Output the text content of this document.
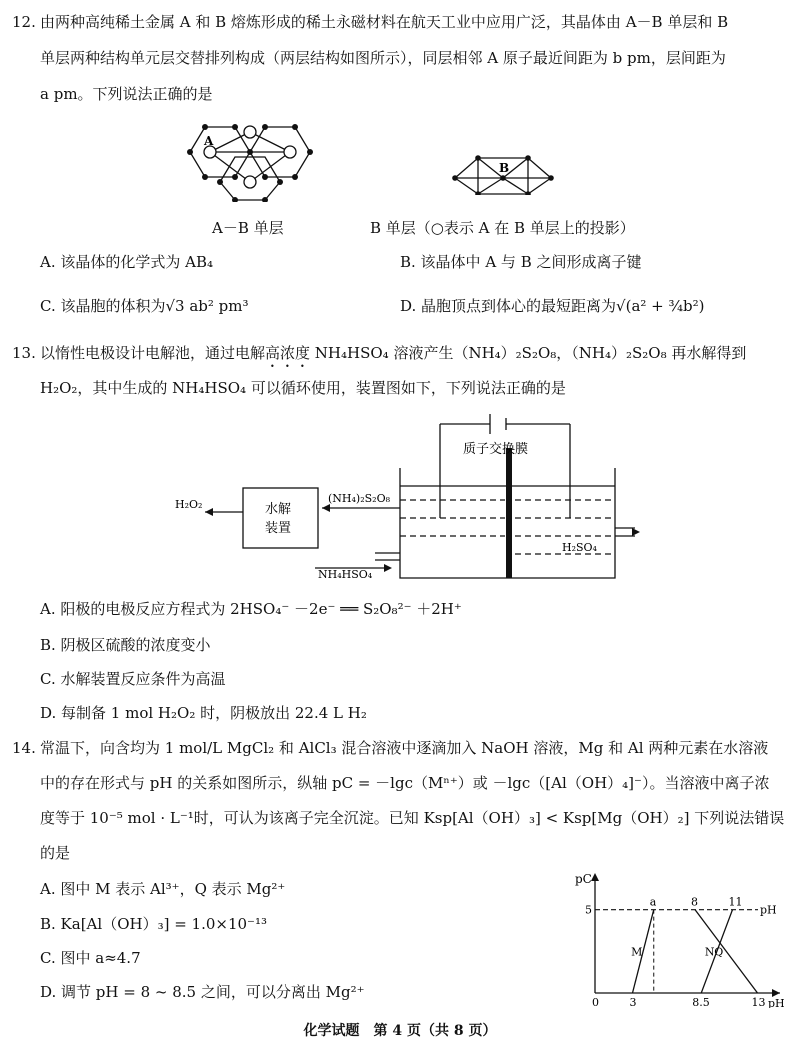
12. 由两种高纯稀土金属 A 和 B 熔炼形成的稀土永磁材料在航天工业中应用广泛，其晶体由 A－B 单层和 B
单层两种结构单元层交替排列构成（两层结构如图所示），同层相邻 A 原子最近间距为 b pm，层间距为
a pm。下列说法正确的是
A
B
A－B 单层	B 单层（○表示 A 在 B 单层上的投影）
A. 该晶体的化学式为 AB₄	B. 该晶体中 A 与 B 之间形成离子键
C. 该晶胞的体积为√3 ab² pm³	D. 晶胞顶点到体心的最短距离为√(a² + ¾b²)
13. 以惰性电极设计电解池，通过电解高浓度 NH₄HSO₄ 溶液产生（NH₄）₂S₂O₈，（NH₄）₂S₂O₈ 再水解得到
H₂O₂，其中生成的 NH₄HSO₄ 可以循环使用，装置图如下，下列说法正确的是
质子交换膜
水解
装置
H₂O₂	(NH₄)₂S₂O₈
NH₄HSO₄
H₂SO₄
A. 阳极的电极反应方程式为 2HSO₄⁻ －2e⁻ ══ S₂O₈²⁻ ＋2H⁺
B. 阴极区硫酸的浓度变小
C. 水解装置反应条件为高温
D. 每制备 1 mol H₂O₂ 时，阴极放出 22.4 L H₂
14. 常温下，向含均为 1 mol/L MgCl₂ 和 AlCl₃ 混合溶液中逐滴加入 NaOH 溶液，Mg 和 Al 两种元素在水溶液
中的存在形式与 pH 的关系如图所示，纵轴 pC = －lgc（Mⁿ⁺）或 －lgc（[Al（OH）₄]⁻）。当溶液中离子浓
度等于 10⁻⁵ mol · L⁻¹时，可认为该离子完全沉淀。已知 Ksp[Al（OH）₃] < Ksp[Mg（OH）₂] 下列说法错误
的是
A. 图中 M 表示 Al³⁺，Q 表示 Mg²⁺
B. Ka[Al（OH）₃] = 1.0×10⁻¹³
C. 图中 a≈4.7
D. 调节 pH = 8 ~ 8.5 之间，可以分离出 Mg²⁺
pC
pH
pH
5
0	3	8.5	13
M	N Q
a	8	11
化学试题　第 4 页（共 8 页）
